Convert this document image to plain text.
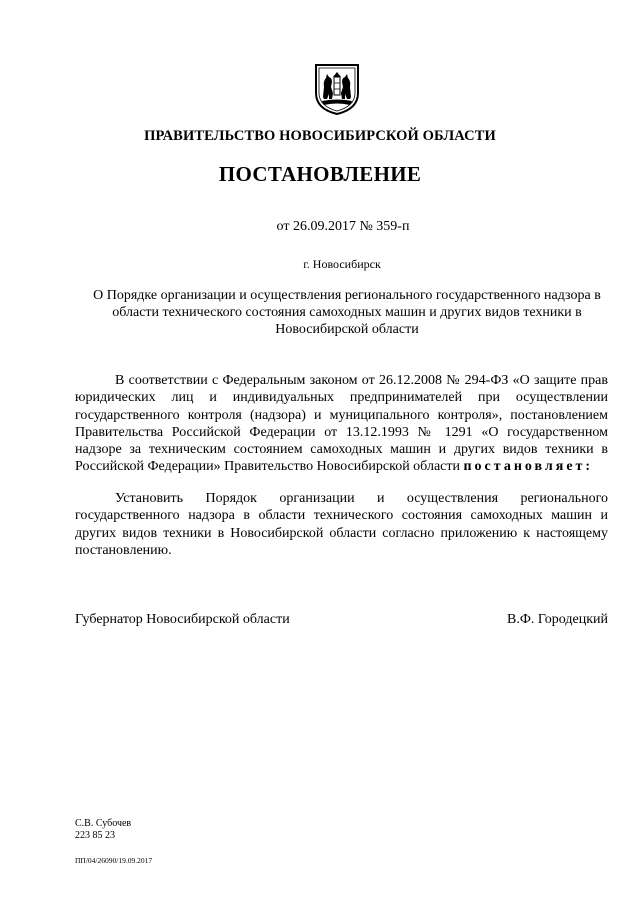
ПРАВИТЕЛЬСТВО НОВОСИБИРСКОЙ ОБЛАСТИ
ПОСТАНОВЛЕНИЕ
от 26.09.2017 № 359-п
г. Новосибирск
О Порядке организации и осуществления регионального государственного надзора в области технического состояния самоходных машин и других видов техники в Новосибирской области

В соответствии с Федеральным законом от 26.12.2008 № 294-ФЗ «О защите прав юридических лиц и индивидуальных предпринимателей при осуществлении государственного контроля (надзора) и муниципального контроля», постановлением Правительства Российской Федерации от 13.12.1993 № 1291 «О государственном надзоре за техническим состоянием самоходных машин и других видов техники в Российской Федерации» Правительство Новосибирской области постановляет:

Установить Порядок организации и осуществления регионального государственного надзора в области технического состояния самоходных машин и других видов техники в Новосибирской области согласно приложению к настоящему постановлению.

Губернатор Новосибирской области	В.Ф. Городецкий
С.В. Субочев
223 85 23
ПП/04/26090/19.09.2017
